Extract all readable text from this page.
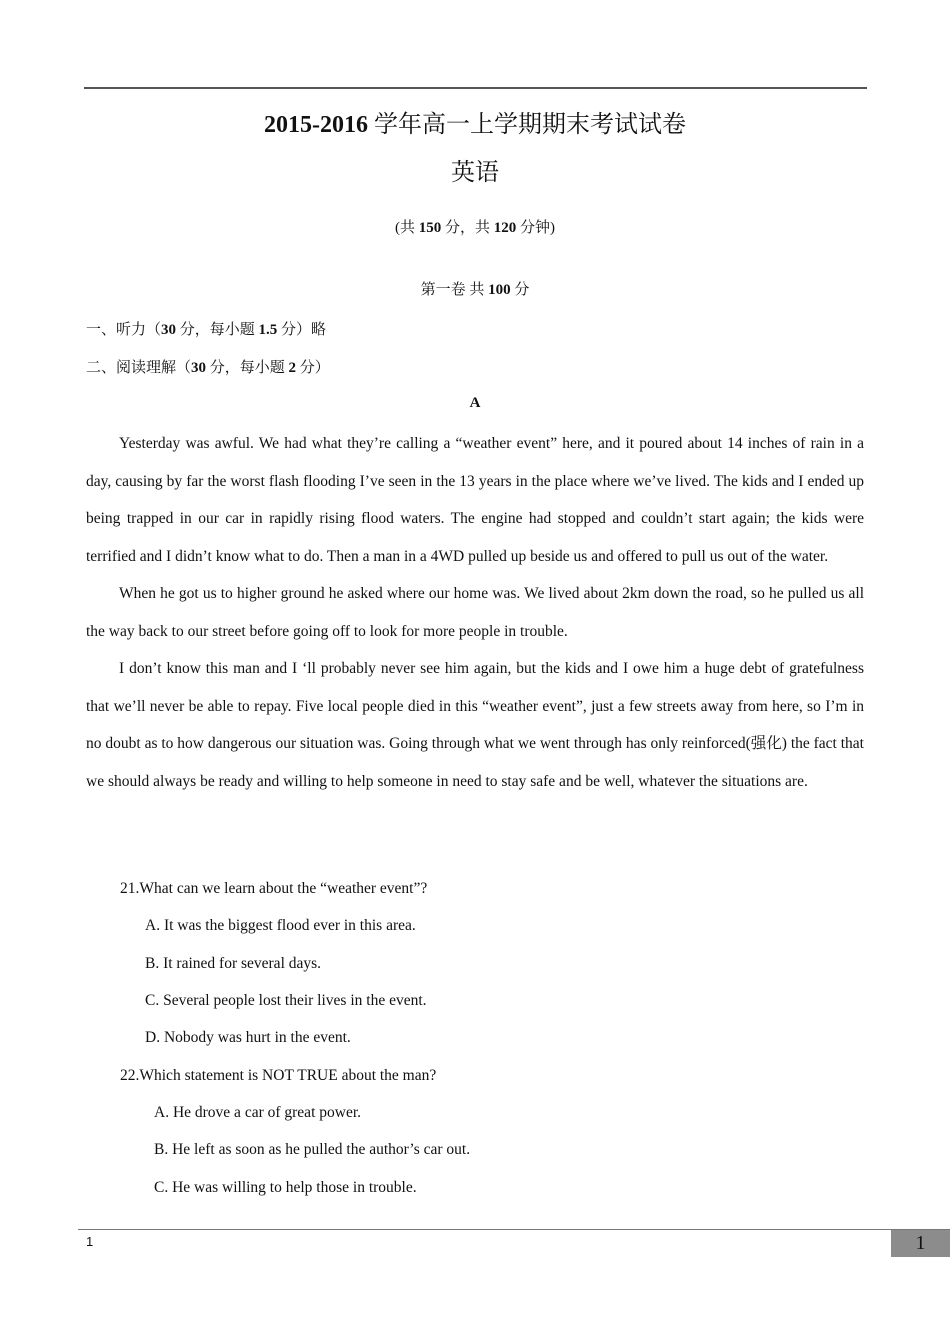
2015-2016 学年高一上学期期末考试试卷
英语
(共 150 分，共 120 分钟)
第一卷 共 100 分
一、听力（30 分，每小题 1.5 分）略
二、阅读理解（30 分，每小题 2 分）
A

Yesterday was awful. We had what they’re calling a “weather event” here, and it poured about 14 inches of rain in a day, causing by far the worst flash flooding I’ve seen in the 13 years in the place where we’ve lived. The kids and I ended up being trapped in our car in rapidly rising flood waters. The engine had stopped and couldn’t start again; the kids were terrified and I didn’t know what to do. Then a man in a 4WD pulled up beside us and offered to pull us out of the water.

When he got us to higher ground he asked where our home was. We lived about 2km down the road, so he pulled us all the way back to our street before going off to look for more people in trouble.

I don’t know this man and I ‘ll probably never see him again, but the kids and I owe him a huge debt of gratefulness that we’ll never be able to repay. Five local people died in this “weather event”, just a few streets away from here, so I’m in no doubt as to how dangerous our situation was. Going through what we went through has only reinforced(强化) the fact that we should always be ready and willing to help someone in need to stay safe and be well, whatever the situations are.

21.What can we learn about the “weather event”?
A. It was the biggest flood ever in this area.
B. It rained for several days.
C. Several people lost their lives in the event.
D. Nobody was hurt in the event.
22.Which statement is NOT TRUE about the man?
A. He drove a car of great power.
B. He left as soon as he pulled the author’s car out.
C. He was willing to help those in trouble.
1	1
